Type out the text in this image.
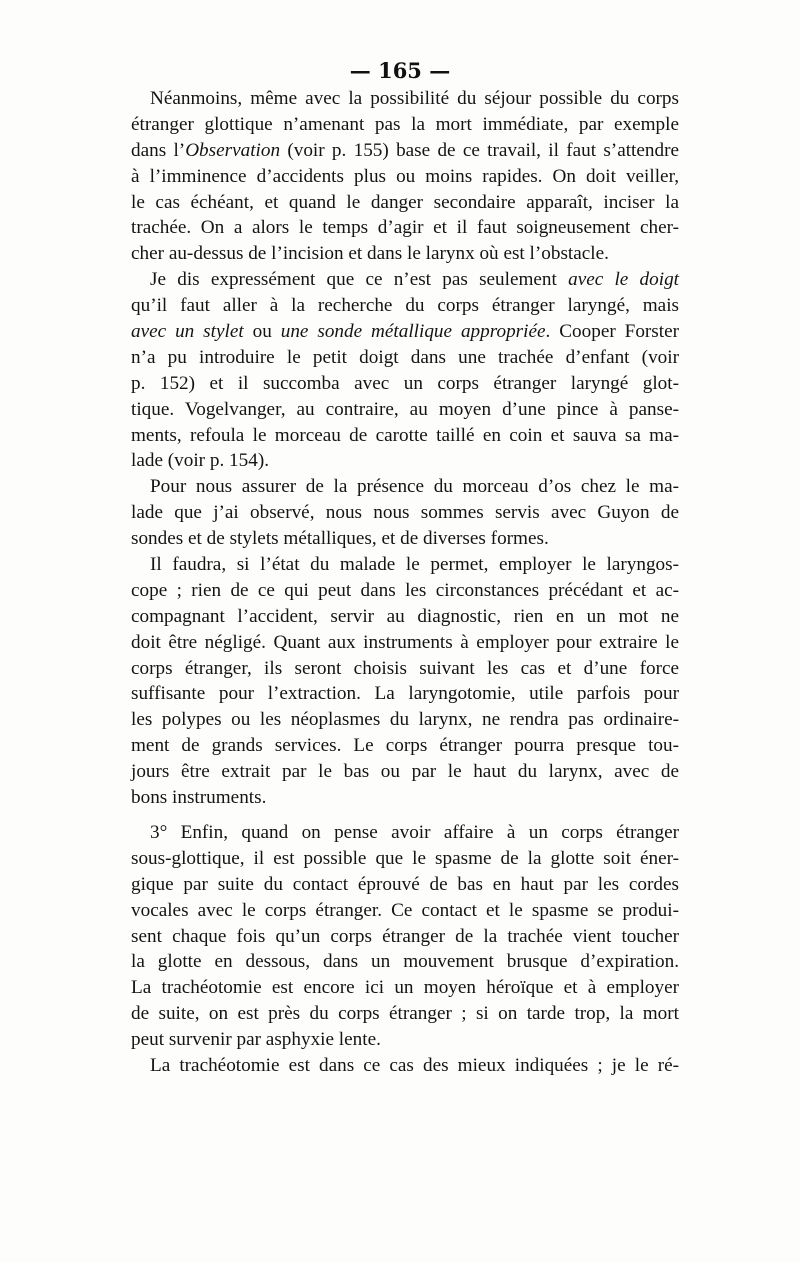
— 165 —
Néanmoins, même avec la possibilité du séjour possible du corps
étranger glottique n’amenant pas la mort immédiate, par exemple
dans l’Observation (voir p. 155) base de ce travail, il faut s’attendre
à l’imminence d’accidents plus ou moins rapides. On doit veiller,
le cas échéant, et quand le danger secondaire apparaît, inciser la
trachée. On a alors le temps d’agir et il faut soigneusement cher-
cher au-dessus de l’incision et dans le larynx où est l’obstacle.
Je dis expressément que ce n’est pas seulement avec le doigt
qu’il faut aller à la recherche du corps étranger laryngé, mais
avec un stylet ou une sonde métallique appropriée. Cooper Forster
n’a pu introduire le petit doigt dans une trachée d’enfant (voir
p. 152) et il succomba avec un corps étranger laryngé glot-
tique. Vogelvanger, au contraire, au moyen d’une pince à panse-
ments, refoula le morceau de carotte taillé en coin et sauva sa ma-
lade (voir p. 154).
Pour nous assurer de la présence du morceau d’os chez le ma-
lade que j’ai observé, nous nous sommes servis avec Guyon de
sondes et de stylets métalliques, et de diverses formes.
Il faudra, si l’état du malade le permet, employer le laryngos-
cope ; rien de ce qui peut dans les circonstances précédant et ac-
compagnant l’accident, servir au diagnostic, rien en un mot ne
doit être négligé. Quant aux instruments à employer pour extraire le
corps étranger, ils seront choisis suivant les cas et d’une force
suffisante pour l’extraction. La laryngotomie, utile parfois pour
les polypes ou les néoplasmes du larynx, ne rendra pas ordinaire-
ment de grands services. Le corps étranger pourra presque tou-
jours être extrait par le bas ou par le haut du larynx, avec de
bons instruments.
3° Enfin, quand on pense avoir affaire à un corps étranger
sous-glottique, il est possible que le spasme de la glotte soit éner-
gique par suite du contact éprouvé de bas en haut par les cordes
vocales avec le corps étranger. Ce contact et le spasme se produi-
sent chaque fois qu’un corps étranger de la trachée vient toucher
la glotte en dessous, dans un mouvement brusque d’expiration.
La trachéotomie est encore ici un moyen héroïque et à employer
de suite, on est près du corps étranger ; si on tarde trop, la mort
peut survenir par asphyxie lente.
La trachéotomie est dans ce cas des mieux indiquées ; je le ré-
